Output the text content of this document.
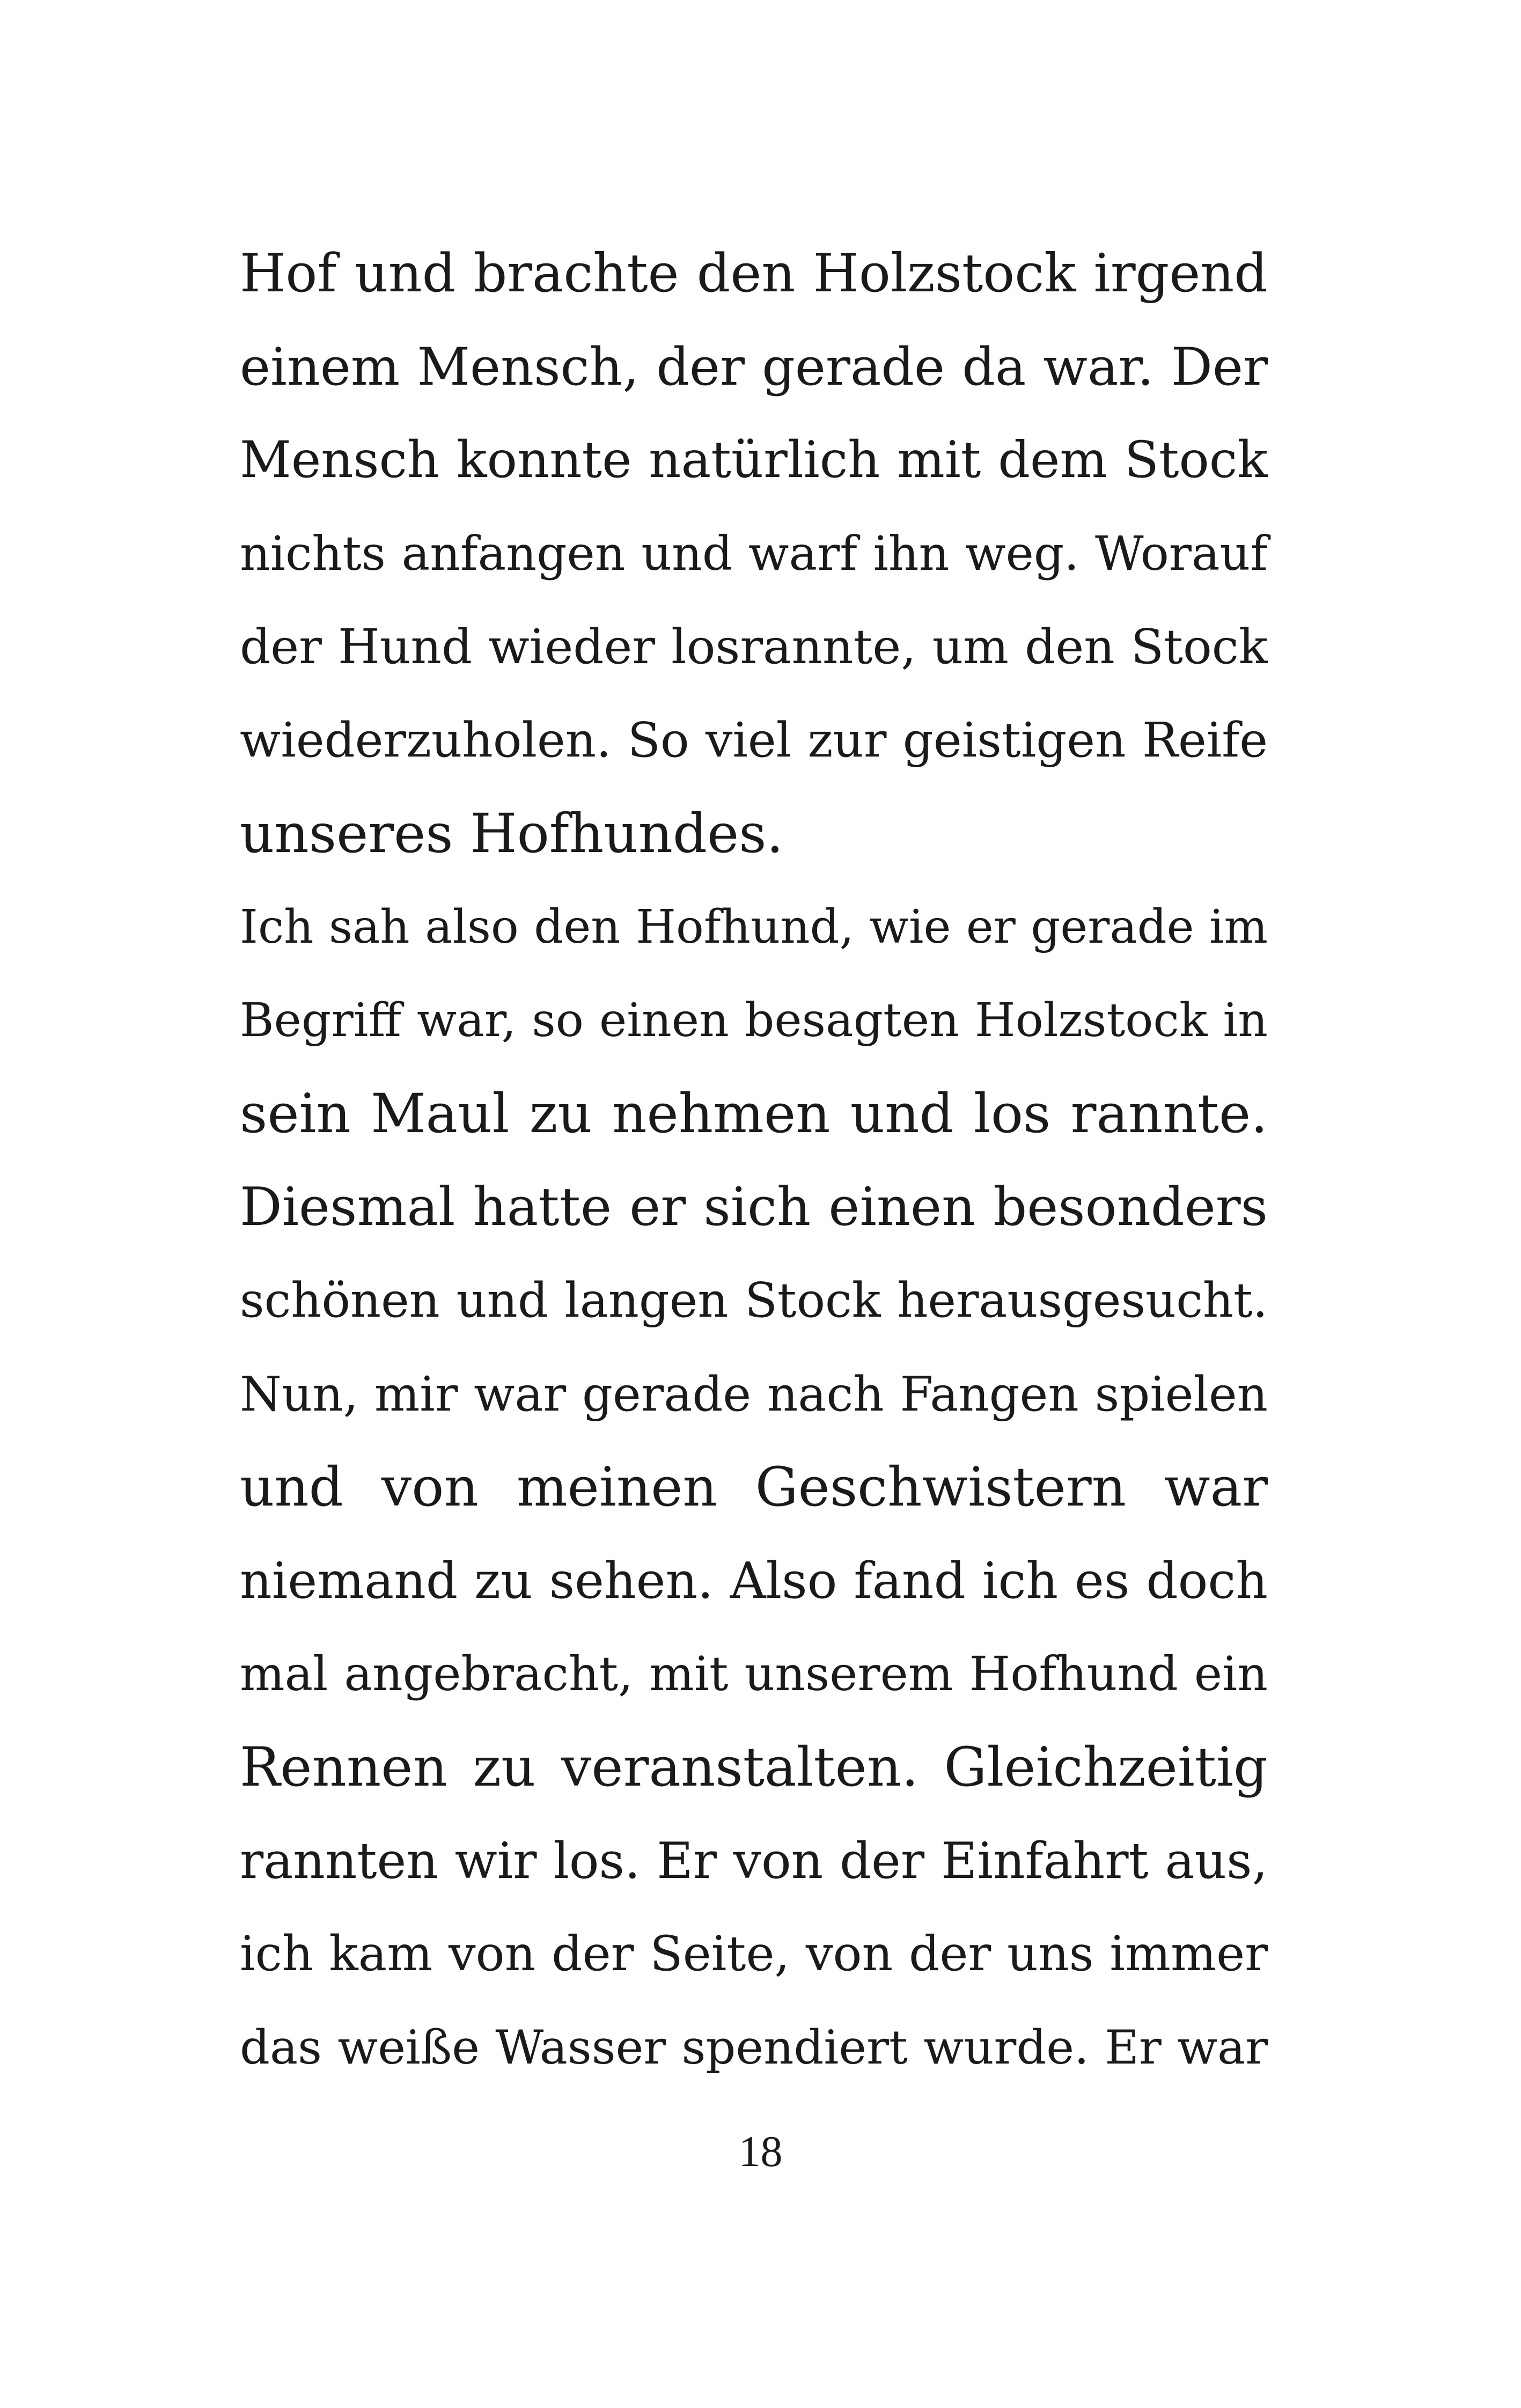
Hof und brachte den Holzstock irgend
einem Mensch, der gerade da war. Der
Mensch konnte natürlich mit dem Stock
nichts anfangen und warf ihn weg. Worauf
der Hund wieder losrannte, um den Stock
wiederzuholen. So viel zur geistigen Reife
unseres Hofhundes.
Ich sah also den Hofhund, wie er gerade im
Begriff war, so einen besagten Holzstock in
sein Maul zu nehmen und los rannte.
Diesmal hatte er sich einen besonders
schönen und langen Stock herausgesucht.
Nun, mir war gerade nach Fangen spielen
und von meinen Geschwistern war
niemand zu sehen. Also fand ich es doch
mal angebracht, mit unserem Hofhund ein
Rennen zu veranstalten. Gleichzeitig
rannten wir los. Er von der Einfahrt aus,
ich kam von der Seite, von der uns immer
das weiße Wasser spendiert wurde. Er war
18
